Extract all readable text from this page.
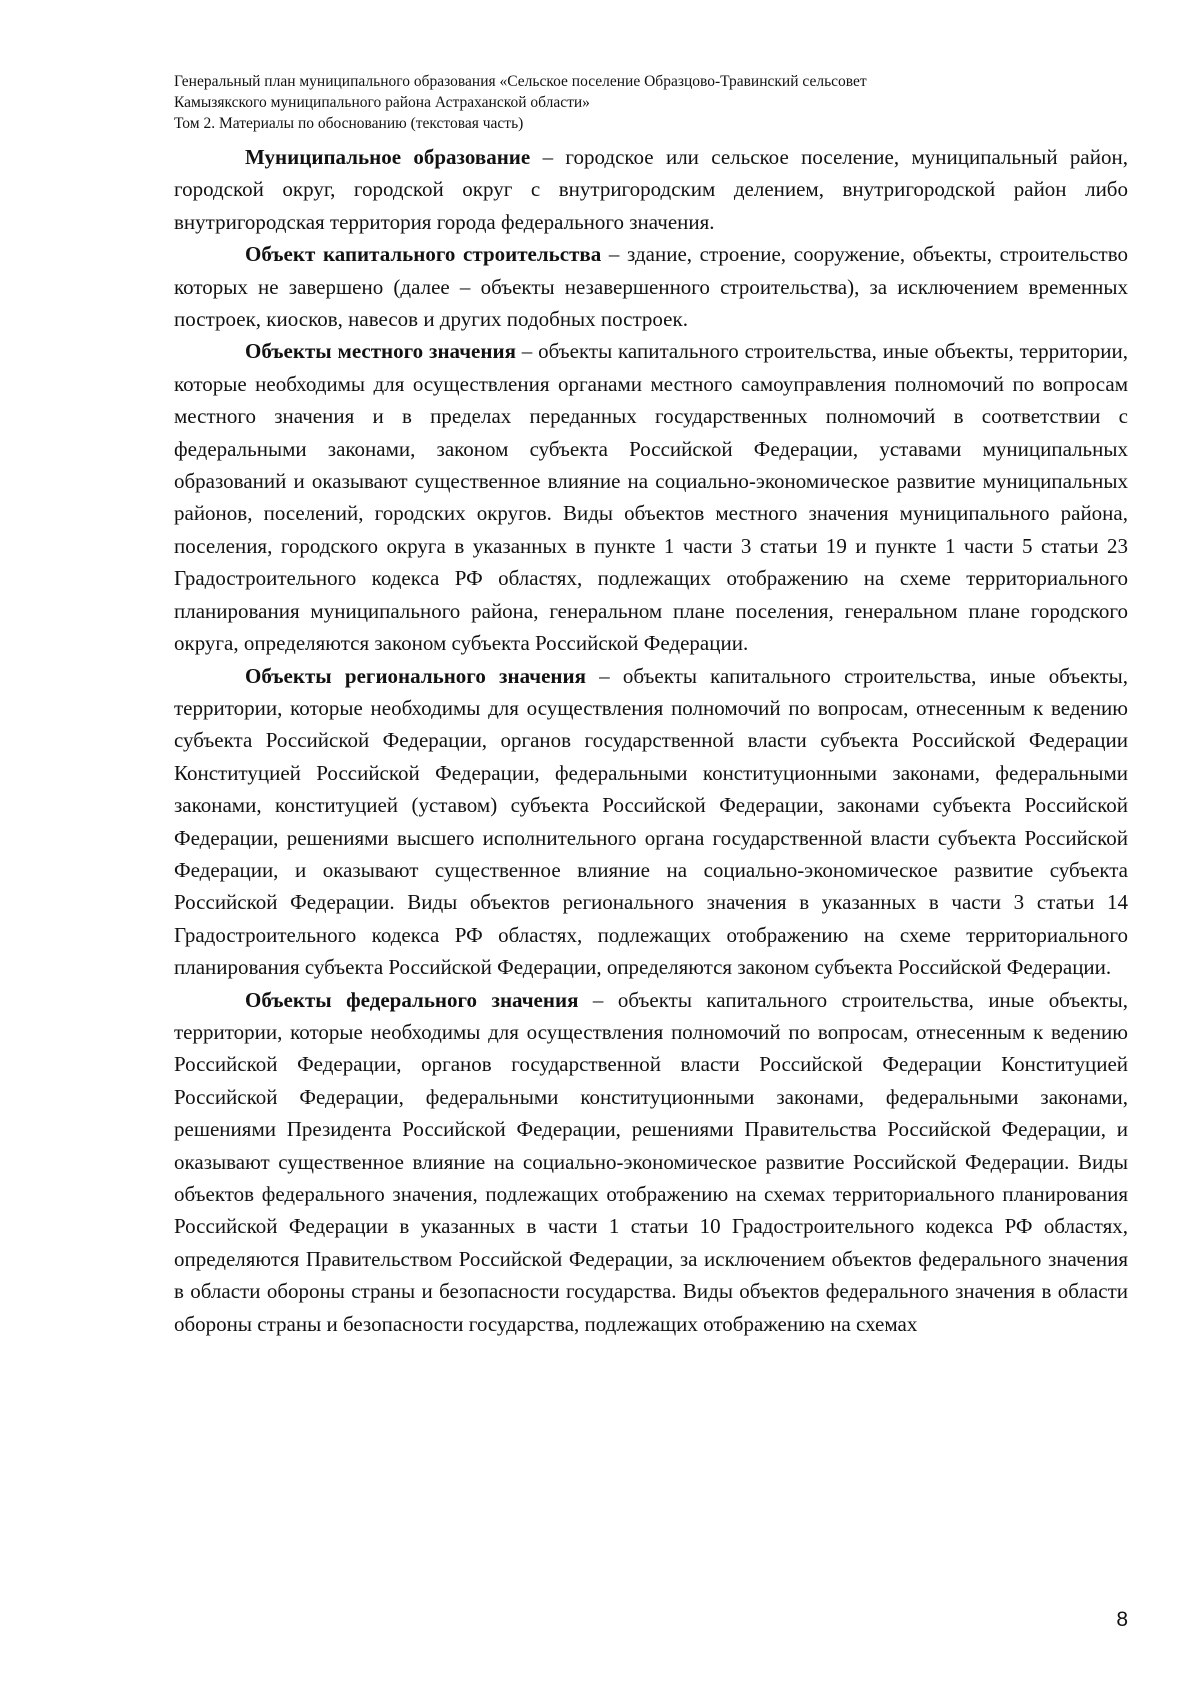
Генеральный план муниципального образования «Сельское поселение Образцово-Травинский сельсовет
Камызякского муниципального района Астраханской области»
Том 2. Материалы по обоснованию (текстовая часть)

Муниципальное образование – городское или сельское поселение, муниципальный район, городской округ, городской округ с внутригородским делением, внутригородской район либо внутригородская территория города федерального значения.

Объект капитального строительства – здание, строение, сооружение, объекты, строительство которых не завершено (далее – объекты незавершенного строительства), за исключением временных построек, киосков, навесов и других подобных построек.

Объекты местного значения – объекты капитального строительства, иные объекты, территории, которые необходимы для осуществления органами местного самоуправления полномочий по вопросам местного значения и в пределах переданных государственных полномочий в соответствии с федеральными законами, законом субъекта Российской Федерации, уставами муниципальных образований и оказывают существенное влияние на социально-экономическое развитие муниципальных районов, поселений, городских округов. Виды объектов местного значения муниципального района, поселения, городского округа в указанных в пункте 1 части 3 статьи 19 и пункте 1 части 5 статьи 23 Градостроительного кодекса РФ областях, подлежащих отображению на схеме территориального планирования муниципального района, генеральном плане поселения, генеральном плане городского округа, определяются законом субъекта Российской Федерации.

Объекты регионального значения – объекты капитального строительства, иные объекты, территории, которые необходимы для осуществления полномочий по вопросам, отнесенным к ведению субъекта Российской Федерации, органов государственной власти субъекта Российской Федерации Конституцией Российской Федерации, федеральными конституционными законами, федеральными законами, конституцией (уставом) субъекта Российской Федерации, законами субъекта Российской Федерации, решениями высшего исполнительного органа государственной власти субъекта Российской Федерации, и оказывают существенное влияние на социально-экономическое развитие субъекта Российской Федерации. Виды объектов регионального значения в указанных в части 3 статьи 14 Градостроительного кодекса РФ областях, подлежащих отображению на схеме территориального планирования субъекта Российской Федерации, определяются законом субъекта Российской Федерации.

Объекты федерального значения – объекты капитального строительства, иные объекты, территории, которые необходимы для осуществления полномочий по вопросам, отнесенным к ведению Российской Федерации, органов государственной власти Российской Федерации Конституцией Российской Федерации, федеральными конституционными законами, федеральными законами, решениями Президента Российской Федерации, решениями Правительства Российской Федерации, и оказывают существенное влияние на социально-экономическое развитие Российской Федерации. Виды объектов федерального значения, подлежащих отображению на схемах территориального планирования Российской Федерации в указанных в части 1 статьи 10 Градостроительного кодекса РФ областях, определяются Правительством Российской Федерации, за исключением объектов федерального значения в области обороны страны и безопасности государства. Виды объектов федерального значения в области обороны страны и безопасности государства, подлежащих отображению на схемах

8
